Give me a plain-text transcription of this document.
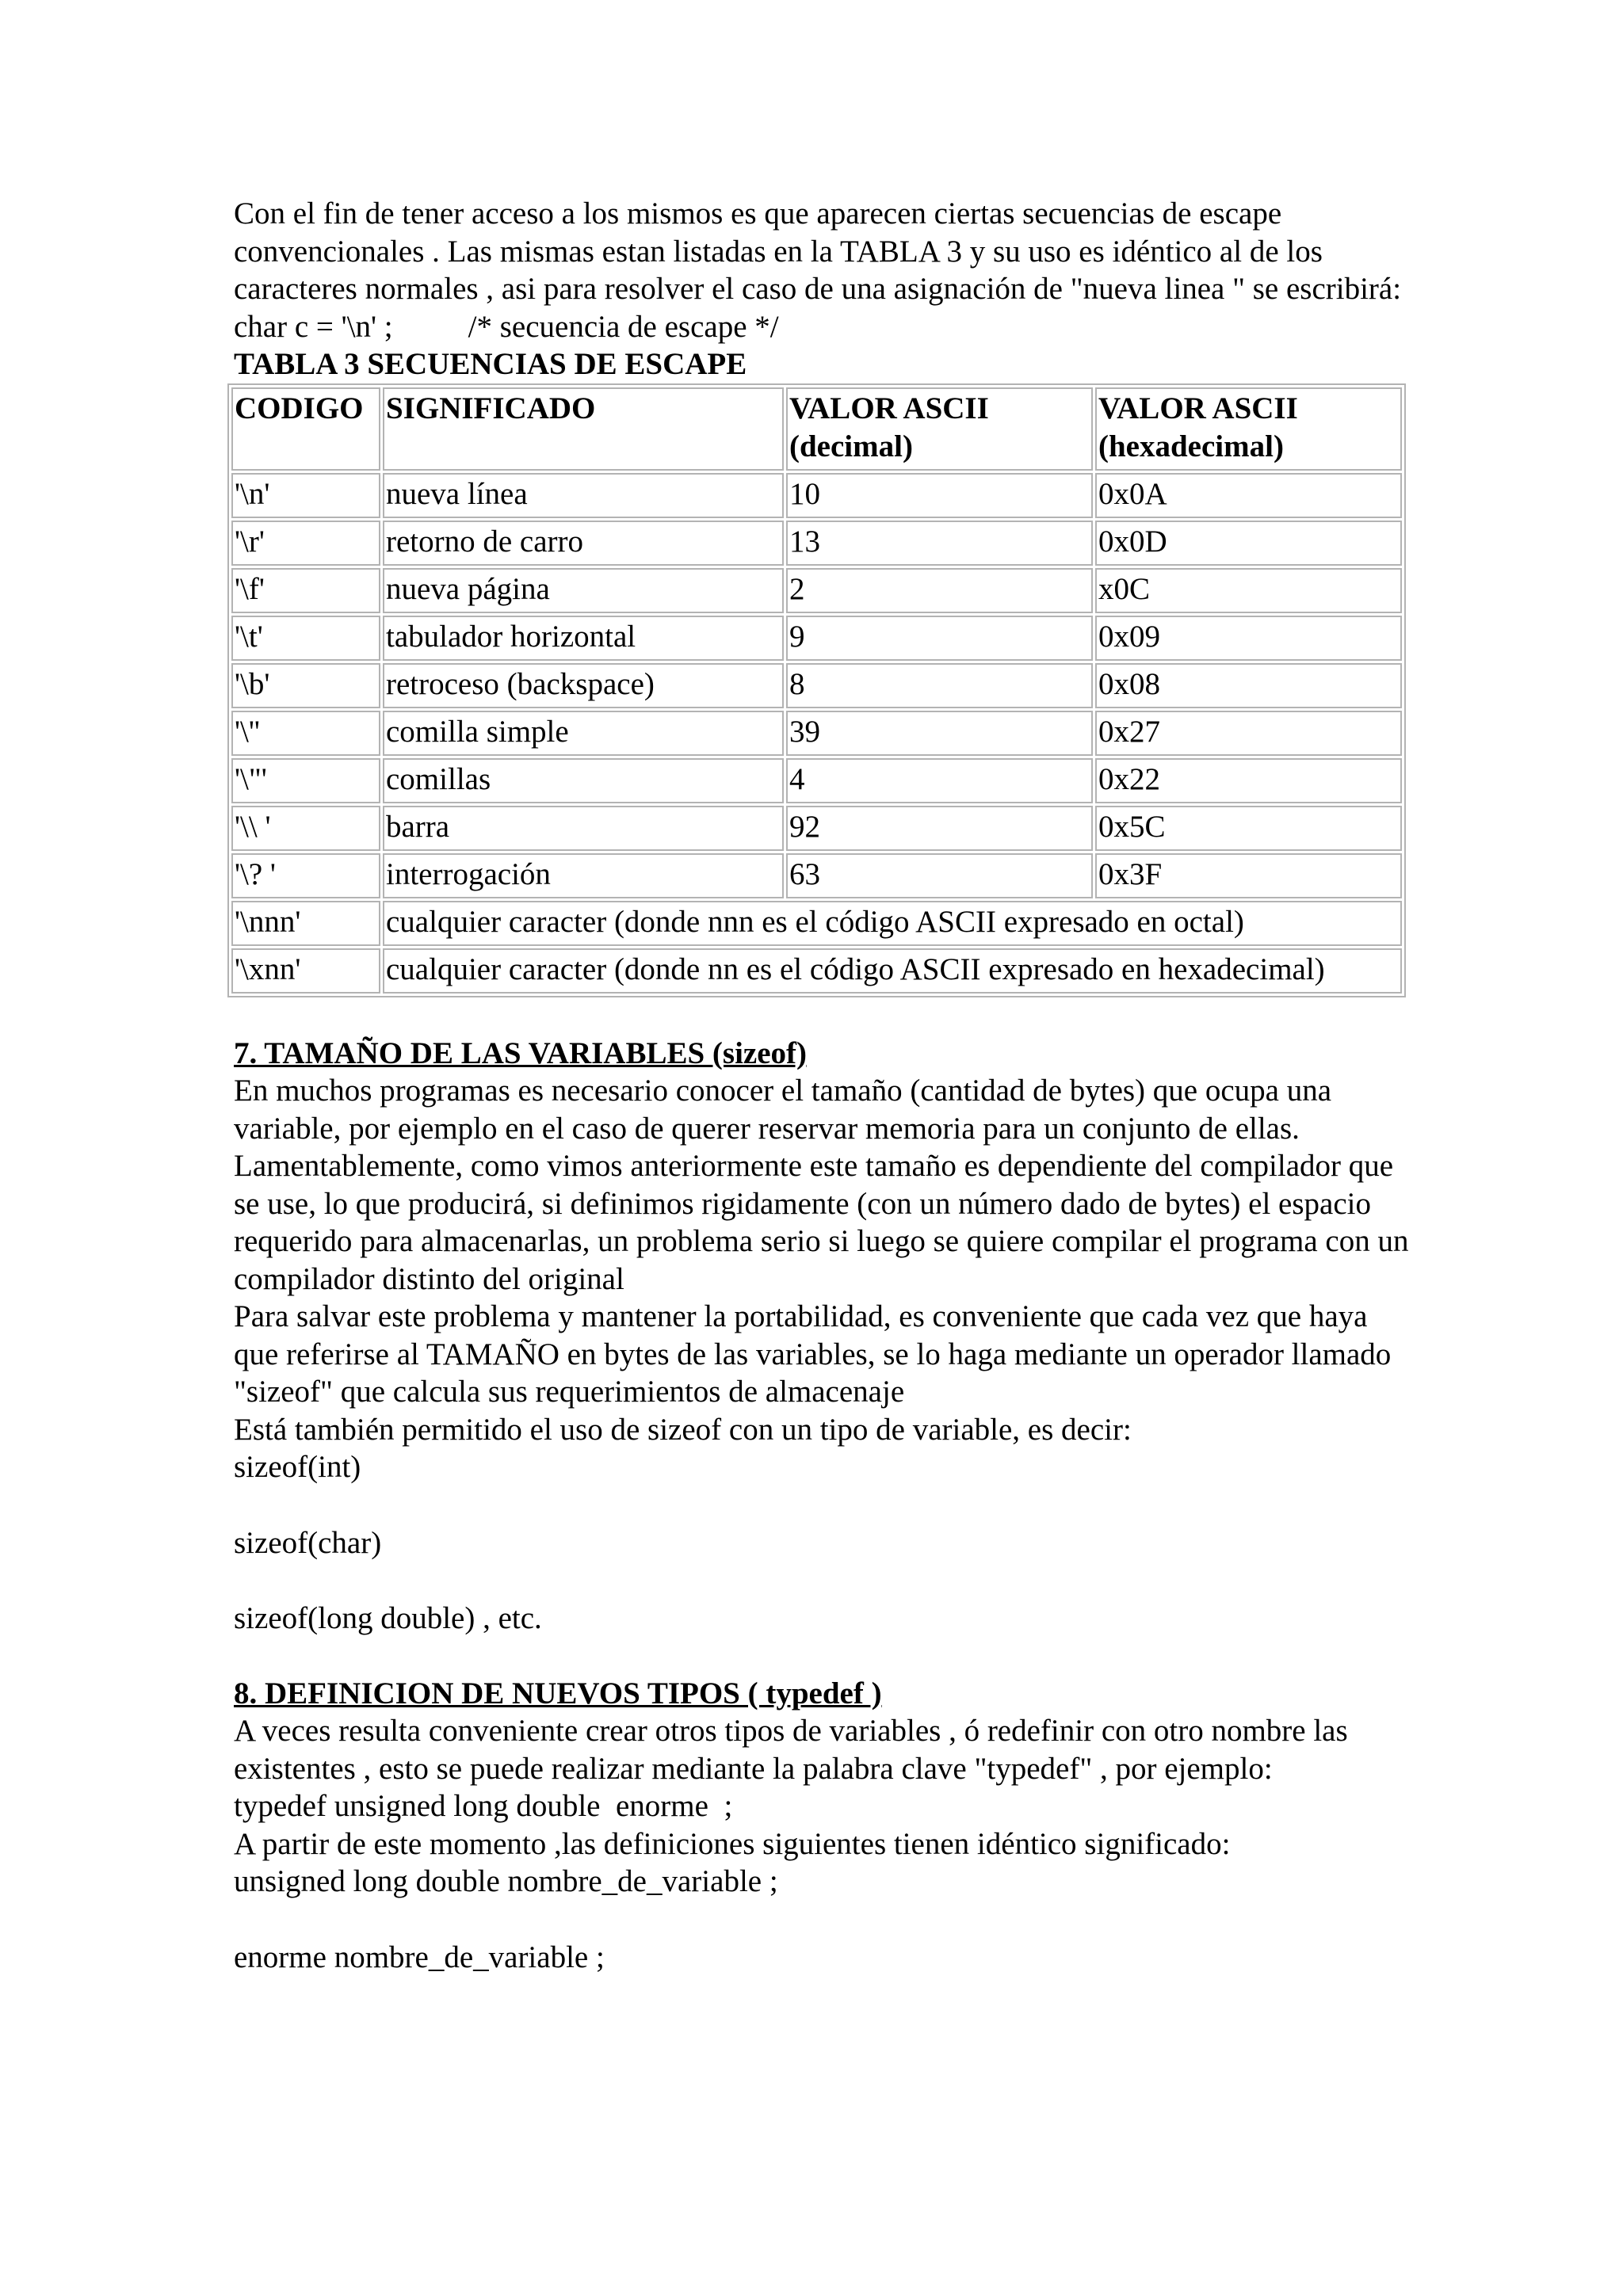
Con el fin de tener acceso a los mismos es que aparecen ciertas secuencias de escape convencionales . Las mismas estan listadas en la TABLA 3 y su uso es idéntico al de los caracteres normales , asi para resolver el caso de una asignación de "nueva linea " se escribirá:

char c = '\n' ; /* secuencia de escape */

TABLA 3 SECUENCIAS DE ESCAPE

CODIGO	SIGNIFICADO	VALOR ASCII (decimal)	VALOR ASCII (hexadecimal)
'\n'	nueva línea	10	0x0A
'\r'	retorno de carro	13	0x0D
'\f'	nueva página	2	x0C
'\t'	tabulador horizontal	9	0x09
'\b'	retroceso (backspace)	8	0x08
'\''	comilla simple	39	0x27
'\"'	comillas	4	0x22
'\\ '	barra	92	0x5C
'\? '	interrogación	63	0x3F
'\nnn'	cualquier caracter (donde nnn es el código ASCII expresado en octal)		
'\xnn'	cualquier caracter (donde nn es el código ASCII expresado en hexadecimal)		

7. TAMAÑO DE LAS VARIABLES (sizeof)

En muchos programas es necesario conocer el tamaño (cantidad de bytes) que ocupa una variable, por ejemplo en el caso de querer reservar memoria para un conjunto de ellas. Lamentablemente, como vimos anteriormente este tamaño es dependiente del compilador que se use, lo que producirá, si definimos rigidamente (con un número dado de bytes) el espacio requerido para almacenarlas, un problema serio si luego se quiere compilar el programa con un compilador distinto del original

Para salvar este problema y mantener la portabilidad, es conveniente que cada vez que haya que referirse al TAMAÑO en bytes de las variables, se lo haga mediante un operador llamado "sizeof" que calcula sus requerimientos de almacenaje

Está también permitido el uso de sizeof con un tipo de variable, es decir:

sizeof(int)

sizeof(char)

sizeof(long double) , etc.

8. DEFINICION DE NUEVOS TIPOS ( typedef )

A veces resulta conveniente crear otros tipos de variables , ó redefinir con otro nombre las existentes , esto se puede realizar mediante la palabra clave "typedef" , por ejemplo:

typedef unsigned long double  enorme  ;

A partir de este momento ,las definiciones siguientes tienen idéntico significado:

unsigned long double nombre_de_variable ;

enorme nombre_de_variable ;
